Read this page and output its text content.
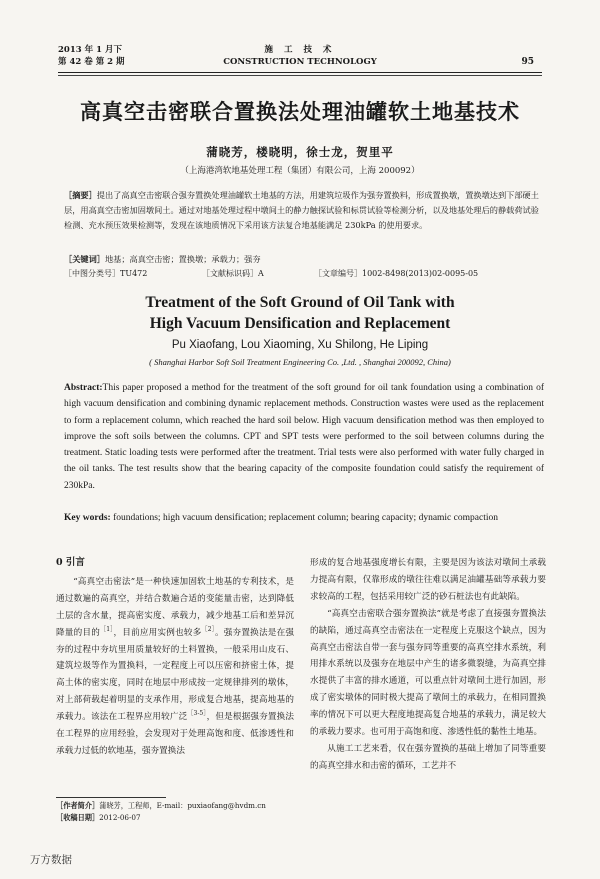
2013 年 1 月下
第 42 卷 第 2 期
施 工 技 术
CONSTRUCTION TECHNOLOGY	95
高真空击密联合置换法处理油罐软土地基技术
蒲晓芳，楼晓明，徐士龙，贺里平
（上海港湾软地基处理工程（集团）有限公司，上海 200092）
［摘要］提出了高真空击密联合强夯置换处理油罐软土地基的方法，用建筑垃圾作为强夯置换料，形成置换墩，置换墩达到下部硬土层，用高真空击密加固墩间土。通过对地基处理过程中墩间土的静力触探试验和标贯试验等检测分析，以及地基处理后的静载荷试验检测、充水预压效果检测等，发现在该地质情况下采用该方法复合地基能满足 230kPa 的使用要求。
［关键词］地基；高真空击密；置换墩；承载力；强夯
［中图分类号］TU472	［文献标识码］A	［文章编号］1002-8498(2013)02-0095-05
Treatment of the Soft Ground of Oil Tank with High Vacuum Densification and Replacement
Pu Xiaofang, Lou Xiaoming, Xu Shilong, He Liping
( Shanghai Harbor Soft Soil Treatment Engineering Co. ,Ltd. , Shanghai 200092, China)
Abstract:This paper proposed a method for the treatment of the soft ground for oil tank foundation using a combination of high vacuum densification and combining dynamic replacement methods. Construction wastes were used as the replacement to form a replacement column, which reached the hard soil below. High vacuum densification method was then employed to improve the soft soils between the columns. CPT and SPT tests were performed to the soil between columns during the treatment. Static loading tests were performed after the treatment. Trial tests were also performed with water fully charged in the oil tanks. The test results show that the bearing capacity of the composite foundation could satisfy the requirement of 230kPa.
Key words: foundations; high vacuum densification; replacement column; bearing capacity; dynamic compaction
0 引言
“高真空击密法”是一种快速加固软土地基的专利技术，是通过数遍的高真空，并结合数遍合适的变能量击密，达到降低土层的含水量，提高密实度、承载力，减少地基工后和差异沉降量的目的$^{[1]}$，目前应用实例也较多$^{[2]}$。强夯置换法是在强夯的过程中夯坑里用质量较好的土料置换，一般采用山皮石、建筑垃圾等作为置换料，一定程度上可以压密和挤密土体，提高土体的密实度，同时在地层中形成按一定规律排列的墩体，对上部荷载起着明显的支承作用，形成复合地基，提高地基的承载力。该法在工程界应用较广泛$^{[3-5]}$，但是根据强夯置换法在工程界的应用经验，会发现对于处理高饱和度、低渗透性和承载力过低的软地基，强夯置换法
形成的复合地基强度增长有限，主要是因为该法对墩间土承载力提高有限，仅靠形成的墩往往难以满足油罐基础等承载力要求较高的工程，包括采用较广泛的砂石桩法也有此缺陷。
“高真空击密联合强夯置换法”就是考虑了直接强夯置换法的缺陷，通过高真空击密法在一定程度上克服这个缺点，因为高真空击密法自带一套与强夯同等重要的高真空排水系统，利用排水系统以及强夯在地层中产生的诸多微裂缝，为高真空排水提供了丰富的排水通道，可以重点针对墩间土进行加固，形成了密实墩体的同时极大提高了墩间土的承载力，在相同置换率的情况下可以更大程度地提高复合地基的承载力，满足较大的承载力要求。也可用于高饱和度、渗透性低的黏性土地基。
从施工工艺来看，仅在强夯置换的基础上增加了同等重要的高真空排水和击密的循环，工艺并不
［作者简介］蒲晓芳，工程师，E-mail：puxiaofang@hvdm.cn
［收稿日期］2012-06-07
万方数据
